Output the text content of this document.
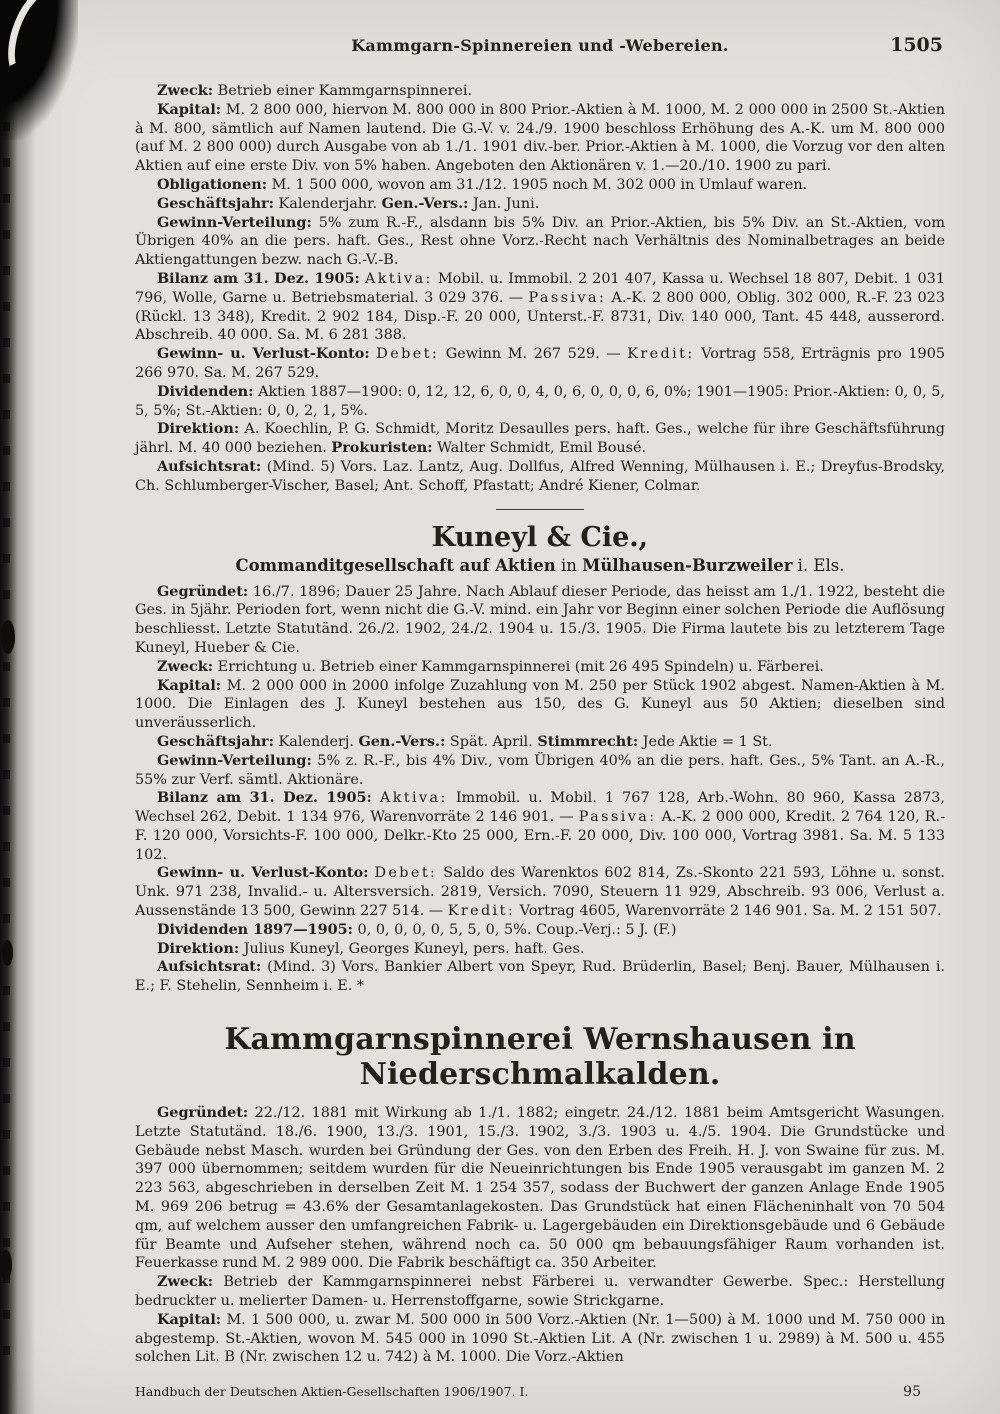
Kammgarn-Spinnereien und -Webereien.	1505

Zweck: Betrieb einer Kammgarnspinnerei.

Kapital: M. 2 800 000, hiervon M. 800 000 in 800 Prior.-Aktien à M. 1000, M. 2 000 000 in 2500 St.-Aktien à M. 800, sämtlich auf Namen lautend. Die G.-V. v. 24./9. 1900 beschloss Erhöhung des A.-K. um M. 800 000 (auf M. 2 800 000) durch Ausgabe von ab 1./1. 1901 div.-ber. Prior.-Aktien à M. 1000, die Vorzug vor den alten Aktien auf eine erste Div. von 5% haben. Angeboten den Aktionären v. 1.—20./10. 1900 zu pari.

Obligationen: M. 1 500 000, wovon am 31./12. 1905 noch M. 302 000 in Umlauf waren.

Geschäftsjahr: Kalenderjahr. Gen.-Vers.: Jan. Juni.

Gewinn-Verteilung: 5% zum R.-F., alsdann bis 5% Div. an Prior.-Aktien, bis 5% Div. an St.-Aktien, vom Übrigen 40% an die pers. haft. Ges., Rest ohne Vorz.-Recht nach Verhältnis des Nominalbetrages an beide Aktiengattungen bezw. nach G.-V.-B.

Bilanz am 31. Dez. 1905: Aktiva: Mobil. u. Immobil. 2 201 407, Kassa u. Wechsel 18 807, Debit. 1 031 796, Wolle, Garne u. Betriebsmaterial. 3 029 376. — Passiva: A.-K. 2 800 000, Oblig. 302 000, R.-F. 23 023 (Rückl. 13 348), Kredit. 2 902 184, Disp.-F. 20 000, Unterst.-F. 8731, Div. 140 000, Tant. 45 448, ausserord. Abschreib. 40 000. Sa. M. 6 281 388.

Gewinn- u. Verlust-Konto: Debet: Gewinn M. 267 529. — Kredit: Vortrag 558, Erträgnis pro 1905 266 970. Sa. M. 267 529.

Dividenden: Aktien 1887—1900: 0, 12, 12, 6, 0, 0, 4, 0, 6, 0, 0, 0, 6, 0%; 1901—1905: Prior.-Aktien: 0, 0, 5, 5, 5%; St.-Aktien: 0, 0, 2, 1, 5%.

Direktion: A. Koechlin, P. G. Schmidt, Moritz Desaulles pers. haft. Ges., welche für ihre Geschäftsführung jährl. M. 40 000 beziehen. Prokuristen: Walter Schmidt, Emil Bousé.

Aufsichtsrat: (Mind. 5) Vors. Laz. Lantz, Aug. Dollfus, Alfred Wenning, Mülhausen i. E.; Dreyfus-Brodsky, Ch. Schlumberger-Vischer, Basel; Ant. Schoff, Pfastatt; André Kiener, Colmar.

Kuneyl & Cie.,

Commanditgesellschaft auf Aktien in Mülhausen-Burzweiler i. Els.

Gegründet: 16./7. 1896; Dauer 25 Jahre. Nach Ablauf dieser Periode, das heisst am 1./1. 1922, besteht die Ges. in 5jähr. Perioden fort, wenn nicht die G.-V. mind. ein Jahr vor Beginn einer solchen Periode die Auflösung beschliesst. Letzte Statutänd. 26./2. 1902, 24./2. 1904 u. 15./3. 1905. Die Firma lautete bis zu letzterem Tage Kuneyl, Hueber & Cie.

Zweck: Errichtung u. Betrieb einer Kammgarnspinnerei (mit 26 495 Spindeln) u. Färberei.

Kapital: M. 2 000 000 in 2000 infolge Zuzahlung von M. 250 per Stück 1902 abgest. Namen-Aktien à M. 1000. Die Einlagen des J. Kuneyl bestehen aus 150, des G. Kuneyl aus 50 Aktien; dieselben sind unveräusserlich.

Geschäftsjahr: Kalenderj. Gen.-Vers.: Spät. April. Stimmrecht: Jede Aktie = 1 St.

Gewinn-Verteilung: 5% z. R.-F., bis 4% Div., vom Übrigen 40% an die pers. haft. Ges., 5% Tant. an A.-R., 55% zur Verf. sämtl. Aktionäre.

Bilanz am 31. Dez. 1905: Aktiva: Immobil. u. Mobil. 1 767 128, Arb.-Wohn. 80 960, Kassa 2873, Wechsel 262, Debit. 1 134 976, Warenvorräte 2 146 901. — Passiva: A.-K. 2 000 000, Kredit. 2 764 120, R.-F. 120 000, Vorsichts-F. 100 000, Delkr.-Kto 25 000, Ern.-F. 20 000, Div. 100 000, Vortrag 3981. Sa. M. 5 133 102.

Gewinn- u. Verlust-Konto: Debet: Saldo des Warenktos 602 814, Zs.-Skonto 221 593, Löhne u. sonst. Unk. 971 238, Invalid.- u. Altersversich. 2819, Versich. 7090, Steuern 11 929, Abschreib. 93 006, Verlust a. Aussenstände 13 500, Gewinn 227 514. — Kredit: Vortrag 4605, Warenvorräte 2 146 901. Sa. M. 2 151 507.

Dividenden 1897—1905: 0, 0, 0, 0, 0, 5, 5, 0, 5%. Coup.-Verj.: 5 J. (F.)

Direktion: Julius Kuneyl, Georges Kuneyl, pers. haft. Ges.

Aufsichtsrat: (Mind. 3) Vors. Bankier Albert von Speyr, Rud. Brüderlin, Basel; Benj. Bauer, Mülhausen i. E.; F. Stehelin, Sennheim i. E. *

Kammgarnspinnerei Wernshausen in Niederschmalkalden.

Gegründet: 22./12. 1881 mit Wirkung ab 1./1. 1882; eingetr. 24./12. 1881 beim Amtsgericht Wasungen. Letzte Statutänd. 18./6. 1900, 13./3. 1901, 15./3. 1902, 3./3. 1903 u. 4./5. 1904. Die Grundstücke und Gebäude nebst Masch. wurden bei Gründung der Ges. von den Erben des Freih. H. J. von Swaine für zus. M. 397 000 übernommen; seitdem wurden für die Neueinrichtungen bis Ende 1905 verausgabt im ganzen M. 2 223 563, abgeschrieben in derselben Zeit M. 1 254 357, sodass der Buchwert der ganzen Anlage Ende 1905 M. 969 206 betrug = 43.6% der Gesamtanlagekosten. Das Grundstück hat einen Flächeninhalt von 70 504 qm, auf welchem ausser den umfangreichen Fabrik- u. Lagergebäuden ein Direktionsgebäude und 6 Gebäude für Beamte und Aufseher stehen, während noch ca. 50 000 qm bebauungsfähiger Raum vorhanden ist. Feuerkasse rund M. 2 989 000. Die Fabrik beschäftigt ca. 350 Arbeiter.

Zweck: Betrieb der Kammgarnspinnerei nebst Färberei u. verwandter Gewerbe. Spec.: Herstellung bedruckter u. melierter Damen- u. Herrenstoffgarne, sowie Strickgarne.

Kapital: M. 1 500 000, u. zwar M. 500 000 in 500 Vorz.-Aktien (Nr. 1—500) à M. 1000 und M. 750 000 in abgestemp. St.-Aktien, wovon M. 545 000 in 1090 St.-Aktien Lit. A (Nr. zwischen 1 u. 2989) à M. 500 u. 455 solchen Lit. B (Nr. zwischen 12 u. 742) à M. 1000. Die Vorz.-Aktien

Handbuch der Deutschen Aktien-Gesellschaften 1906/1907. I.	95
